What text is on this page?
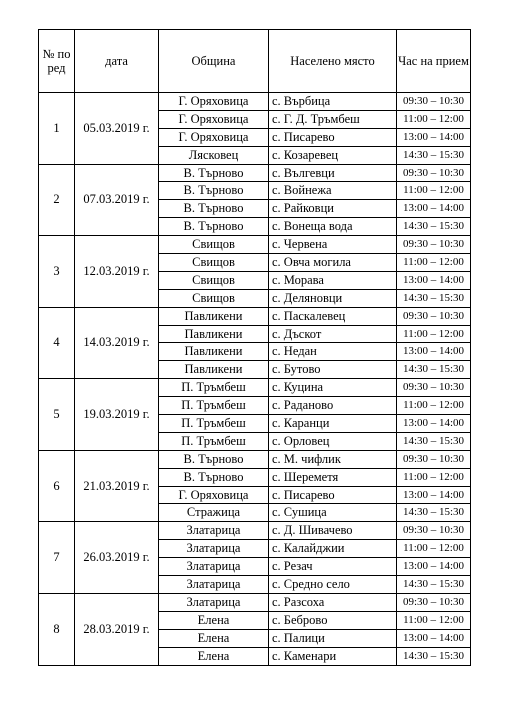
№ по ред	дата	Община	Населено място	Час на прием
1	05.03.2019 г.	Г. Оряховица	с. Върбица	09:30 – 10:30
		Г. Оряховица	с. Г. Д. Тръмбеш	11:00 – 12:00
		Г. Оряховица	с. Писарево	13:00 – 14:00
		Лясковец	с. Козаревец	14:30 – 15:30
2	07.03.2019 г.	В. Търново	с. Вългевци	09:30 – 10:30
		В. Търново	с. Войнежа	11:00 – 12:00
		В. Търново	с. Райковци	13:00 – 14:00
		В. Търново	с. Вонеща вода	14:30 – 15:30
3	12.03.2019 г.	Свищов	с. Червена	09:30 – 10:30
		Свищов	с. Овча могила	11:00 – 12:00
		Свищов	с. Морава	13:00 – 14:00
		Свищов	с. Деляновци	14:30 – 15:30
4	14.03.2019 г.	Павликени	с. Паскалевец	09:30 – 10:30
		Павликени	с. Дъскот	11:00 – 12:00
		Павликени	с. Недан	13:00 – 14:00
		Павликени	с. Бутово	14:30 – 15:30
5	19.03.2019 г.	П. Тръмбеш	с. Куцина	09:30 – 10:30
		П. Тръмбеш	с. Раданово	11:00 – 12:00
		П. Тръмбеш	с. Каранци	13:00 – 14:00
		П. Тръмбеш	с. Орловец	14:30 – 15:30
6	21.03.2019 г.	В. Търново	с. М. чифлик	09:30 – 10:30
		В. Търново	с. Шереметя	11:00 – 12:00
		Г. Оряховица	с. Писарево	13:00 – 14:00
		Стражица	с. Сушица	14:30 – 15:30
7	26.03.2019 г.	Златарица	с. Д. Шивачево	09:30 – 10:30
		Златарица	с. Калайджии	11:00 – 12:00
		Златарица	с. Резач	13:00 – 14:00
		Златарица	с. Средно село	14:30 – 15:30
8	28.03.2019 г.	Златарица	с. Разсоха	09:30 – 10:30
		Елена	с. Беброво	11:00 – 12:00
		Елена	с. Палици	13:00 – 14:00
		Елена	с. Каменари	14:30 – 15:30
